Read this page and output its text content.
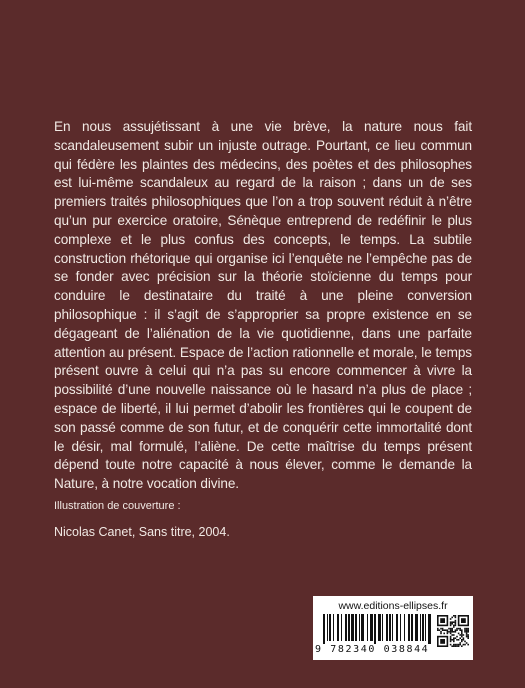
En nous assujétissant à une vie brève, la nature nous fait scandaleusement subir un injuste outrage. Pourtant, ce lieu commun qui fédère les plaintes des médecins, des poètes et des philosophes est lui-même scandaleux au regard de la raison ; dans un de ses premiers traités philosophiques que l’on a trop souvent réduit à n’être qu’un pur exercice oratoire, Sénèque entreprend de redéfinir le plus complexe et le plus confus des concepts, le temps. La subtile construction rhétorique qui organise ici l’enquête ne l’empêche pas de se fonder avec précision sur la théorie stoïcienne du temps pour conduire le destinataire du traité à une pleine conversion philosophique : il s’agit de s’approprier sa propre existence en se dégageant de l’aliénation de la vie quotidienne, dans une parfaite attention au présent. Espace de l’action rationnelle et morale, le temps présent ouvre à celui qui n’a pas su encore commencer à vivre la possibilité d’une nouvelle naissance où le hasard n’a plus de place ; espace de liberté, il lui permet d’abolir les frontières qui le coupent de son passé comme de son futur, et de conquérir cette immortalité dont le désir, mal formulé, l’aliène. De cette maîtrise du temps présent dépend toute notre capacité à nous élever, comme le demande la Nature, à notre vocation divine.

Illustration de couverture :
Nicolas Canet, Sans titre, 2004.
www.editions-ellipses.fr
9 782340 038844
